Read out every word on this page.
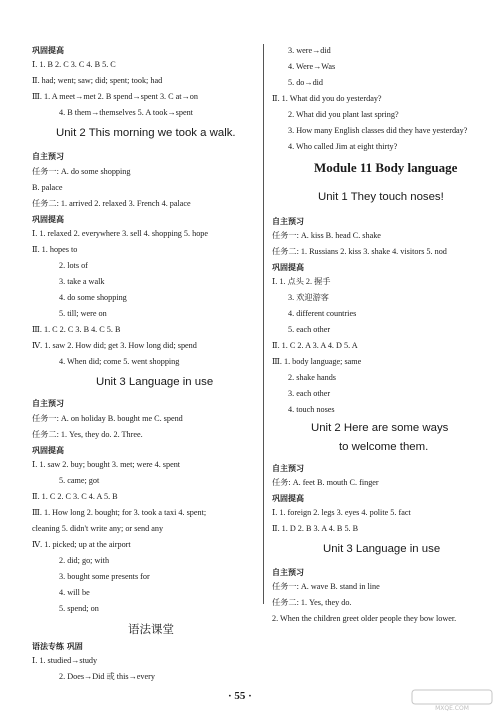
巩固提高
Ⅰ. 1. B 2. C 3. C 4. B 5. C
Ⅱ. had; went; saw; did; spent; took; had
Ⅲ. 1. A meet→met 2. B spend→spent 3. C at→on
4. B them→themselves 5. A took→spent
Unit 2 This morning we took a walk.
自主预习
任务一: A. do some shopping
B. palace
任务二: 1. arrived 2. relaxed 3. French 4. palace
巩固提高
Ⅰ. 1. relaxed 2. everywhere 3. sell 4. shopping 5. hope
Ⅱ. 1. hopes to
2. lots of
3. take a walk
4. do some shopping
5. till; were on
Ⅲ. 1. C 2. C 3. B 4. C 5. B
Ⅳ. 1. saw 2. How did; get 3. How long did; spend
4. When did; come 5. went shopping
Unit 3 Language in use
自主预习
任务一: A. on holiday B. bought me C. spend
任务二: 1. Yes, they do. 2. Three.
巩固提高
Ⅰ. 1. saw 2. buy; bought 3. met; were 4. spent
5. came; got
Ⅱ. 1. C 2. C 3. C 4. A 5. B
Ⅲ. 1. How long 2. bought; for 3. took a taxi 4. spent;
cleaning 5. didn't write any; or send any
Ⅳ. 1. picked; up at the airport
2. did; go; with
3. bought some presents for
4. will be
5. spend; on
语法课堂
语法专练 巩固
Ⅰ. 1. studied→study
2. Does→Did 或 this→every
3. were→did
4. Were→Was
5. do→did
Ⅱ. 1. What did you do yesterday?
2. What did you plant last spring?
3. How many English classes did they have yesterday?
4. Who called Jim at eight thirty?
Module 11 Body language
Unit 1 They touch noses!
自主预习
任务一: A. kiss B. head C. shake
任务二: 1. Russians 2. kiss 3. shake 4. visitors 5. nod
巩固提高
Ⅰ. 1. 点头 2. 握手
3. 欢迎游客
4. different countries
5. each other
Ⅱ. 1. C 2. A 3. A 4. D 5. A
Ⅲ. 1. body language; same
2. shake hands
3. each other
4. touch noses
Unit 2 Here are some ways
to welcome them.
自主预习
任务: A. feet B. mouth C. finger
巩固提高
Ⅰ. 1. foreign 2. legs 3. eyes 4. polite 5. fact
Ⅱ. 1. D 2. B 3. A 4. B 5. B
Unit 3 Language in use
自主预习
任务一: A. wave B. stand in line
任务二: 1. Yes, they do.
2. When the children greet older people they bow lower.
· 55 ·
MXQE.COM
